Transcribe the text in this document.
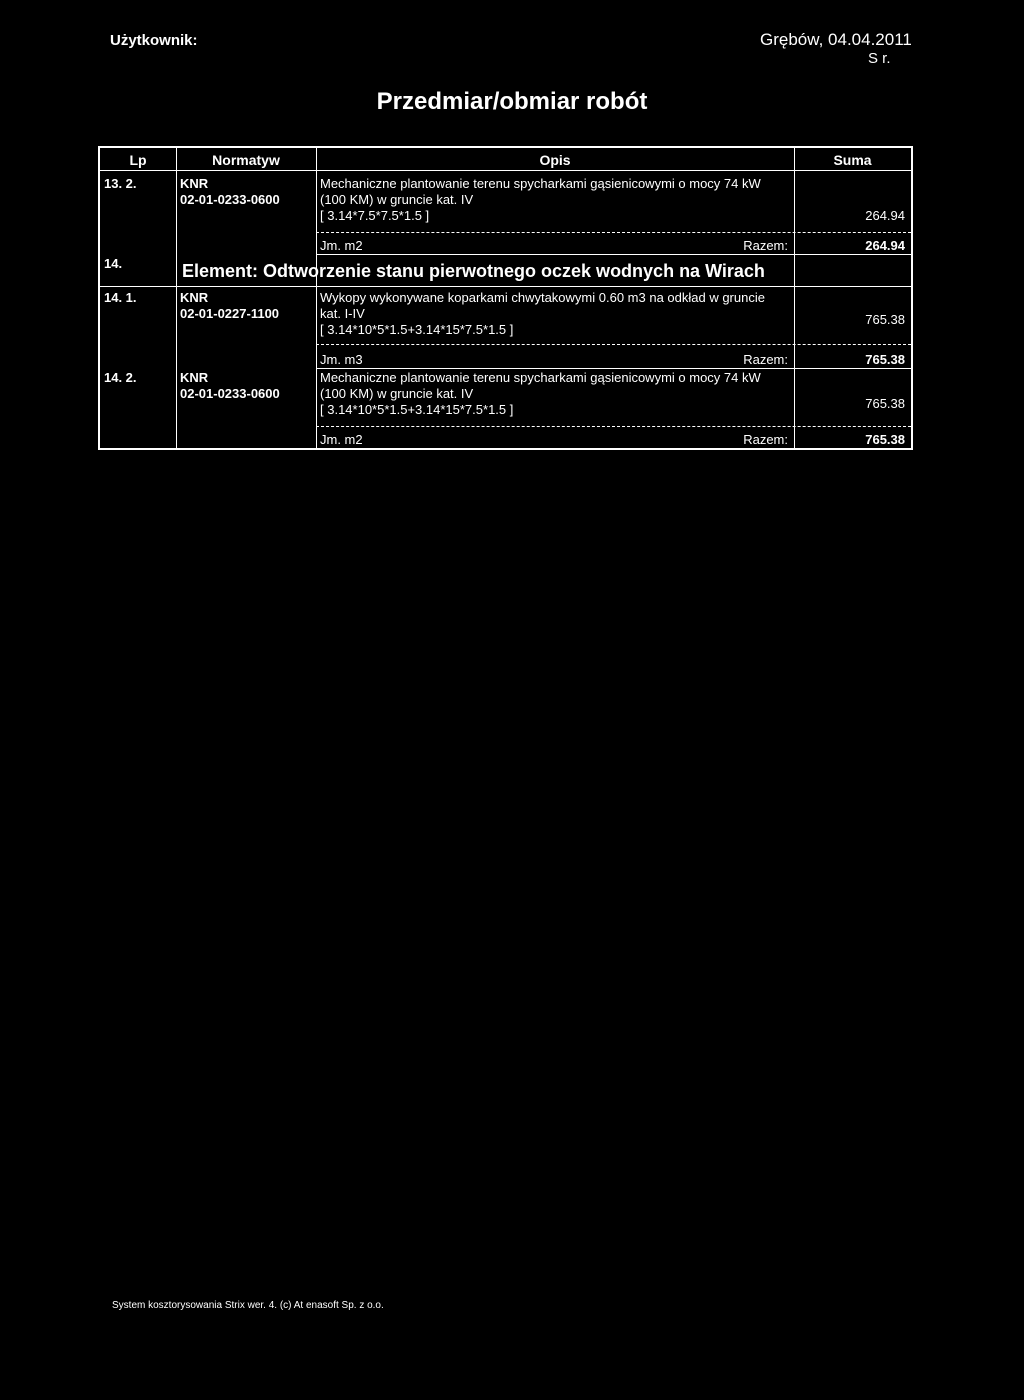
Użytkownik:	Grębów, 04.04.2011
S r.
Przedmiar/obmiar robót
Lp	Normatyw	Opis	Suma
13. 2.	KNR
02-01-0233-0600
Mechaniczne plantowanie terenu spycharkami gąsienicowymi o mocy 74 kW
(100 KM) w gruncie kat. IV
[ 3.14*7.5*7.5*1.5 ]	264.94
Jm. m2	Razem:	264.94
14.	Element: Odtworzenie stanu pierwotnego oczek wodnych na Wirach
14. 1.	KNR
02-01-0227-1100
Wykopy wykonywane koparkami chwytakowymi 0.60 m3 na odkład w gruncie
kat. I-IV
[ 3.14*10*5*1.5+3.14*15*7.5*1.5 ]
765.38
Jm. m3	Razem:	765.38
14. 2.	KNR
02-01-0233-0600
Mechaniczne plantowanie terenu spycharkami gąsienicowymi o mocy 74 kW
(100 KM) w gruncie kat. IV
[ 3.14*10*5*1.5+3.14*15*7.5*1.5 ]	765.38
Jm. m2	Razem:	765.38
System kosztorysowania Strix wer. 4. (c) At enasoft Sp. z o.o.
